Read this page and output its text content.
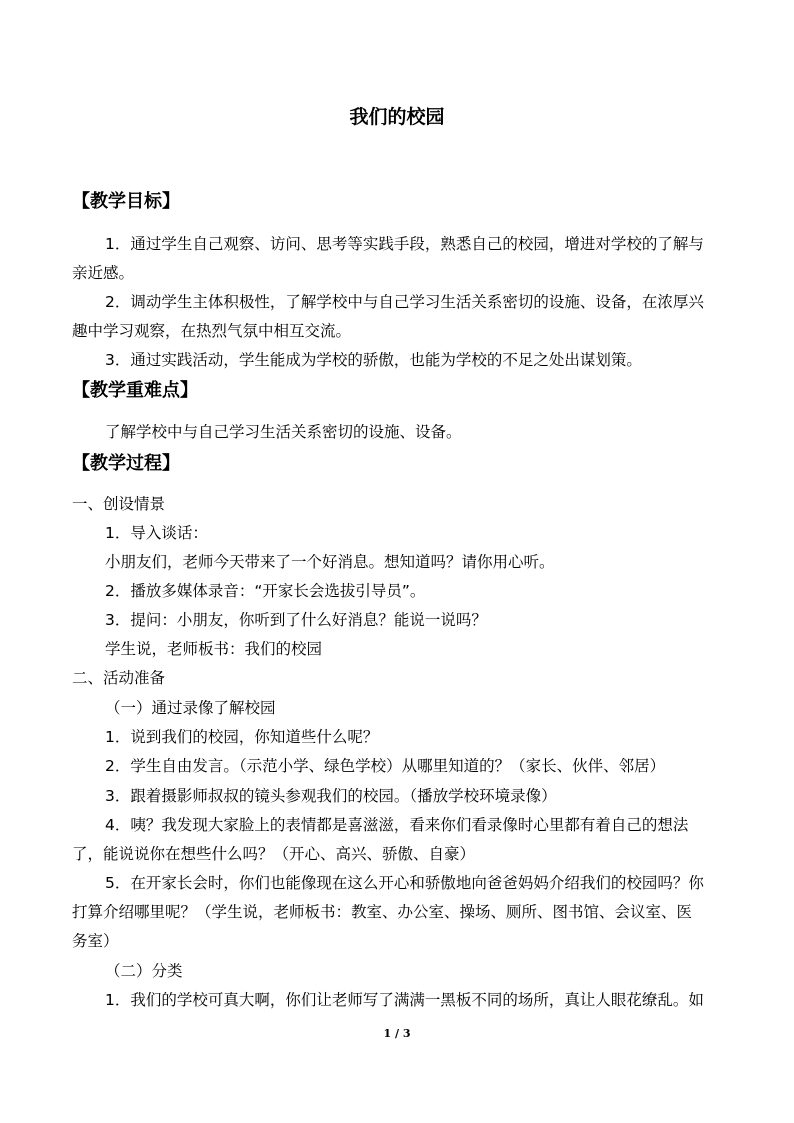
我们的校园
【教学目标】
1．通过学生自己观察、访问、思考等实践手段，熟悉自己的校园，增进对学校的了解与
亲近感。
2．调动学生主体积极性，了解学校中与自己学习生活关系密切的设施、设备，在浓厚兴
趣中学习观察，在热烈气氛中相互交流。
3．通过实践活动，学生能成为学校的骄傲，也能为学校的不足之处出谋划策。
【教学重难点】
了解学校中与自己学习生活关系密切的设施、设备。
【教学过程】
一、创设情景
1．导入谈话：
小朋友们，老师今天带来了一个好消息。想知道吗？请你用心听。
2．播放多媒体录音：“开家长会选拔引导员”。
3．提问：小朋友，你听到了什么好消息？能说一说吗？
学生说，老师板书：我们的校园
二、活动准备
（一）通过录像了解校园
1．说到我们的校园，你知道些什么呢？
2．学生自由发言。（示范小学、绿色学校）从哪里知道的？（家长、伙伴、邻居）
3．跟着摄影师叔叔的镜头参观我们的校园。（播放学校环境录像）
4．咦？我发现大家脸上的表情都是喜滋滋，看来你们看录像时心里都有着自己的想法
了，能说说你在想些什么吗？（开心、高兴、骄傲、自豪）
5．在开家长会时，你们也能像现在这么开心和骄傲地向爸爸妈妈介绍我们的校园吗？你
打算介绍哪里呢？（学生说，老师板书：教室、办公室、操场、厕所、图书馆、会议室、医
务室）
（二）分类
1．我们的学校可真大啊，你们让老师写了满满一黑板不同的场所，真让人眼花缭乱。如
1 / 3
